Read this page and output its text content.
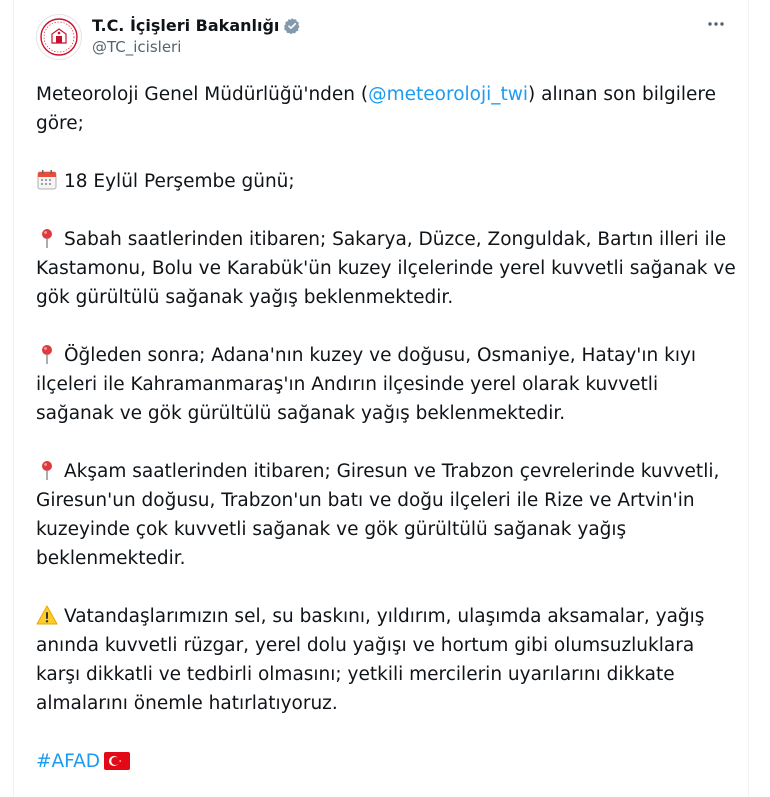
T.C. İçişleri Bakanlığı
@TC_icisleri

Meteoroloji Genel Müdürlüğü'nden (@meteoroloji_twi) alınan son bilgilere göre;

18 Eylül Perşembe günü;

Sabah saatlerinden itibaren; Sakarya, Düzce, Zonguldak, Bartın illeri ile Kastamonu, Bolu ve Karabük'ün kuzey ilçelerinde yerel kuvvetli sağanak ve gök gürültülü sağanak yağış beklenmektedir.

Öğleden sonra; Adana'nın kuzey ve doğusu, Osmaniye, Hatay'ın kıyı ilçeleri ile Kahramanmaraş'ın Andırın ilçesinde yerel olarak kuvvetli sağanak ve gök gürültülü sağanak yağış beklenmektedir.

Akşam saatlerinden itibaren; Giresun ve Trabzon çevrelerinde kuvvetli, Giresun'un doğusu, Trabzon'un batı ve doğu ilçeleri ile Rize ve Artvin'in kuzeyinde çok kuvvetli sağanak ve gök gürültülü sağanak yağış beklenmektedir.

Vatandaşlarımızın sel, su baskını, yıldırım, ulaşımda aksamalar, yağış anında kuvvetli rüzgar, yerel dolu yağışı ve hortum gibi olumsuzluklara karşı dikkatli ve tedbirli olmasını; yetkili mercilerin uyarılarını dikkate almalarını önemle hatırlatıyoruz.

#AFAD
